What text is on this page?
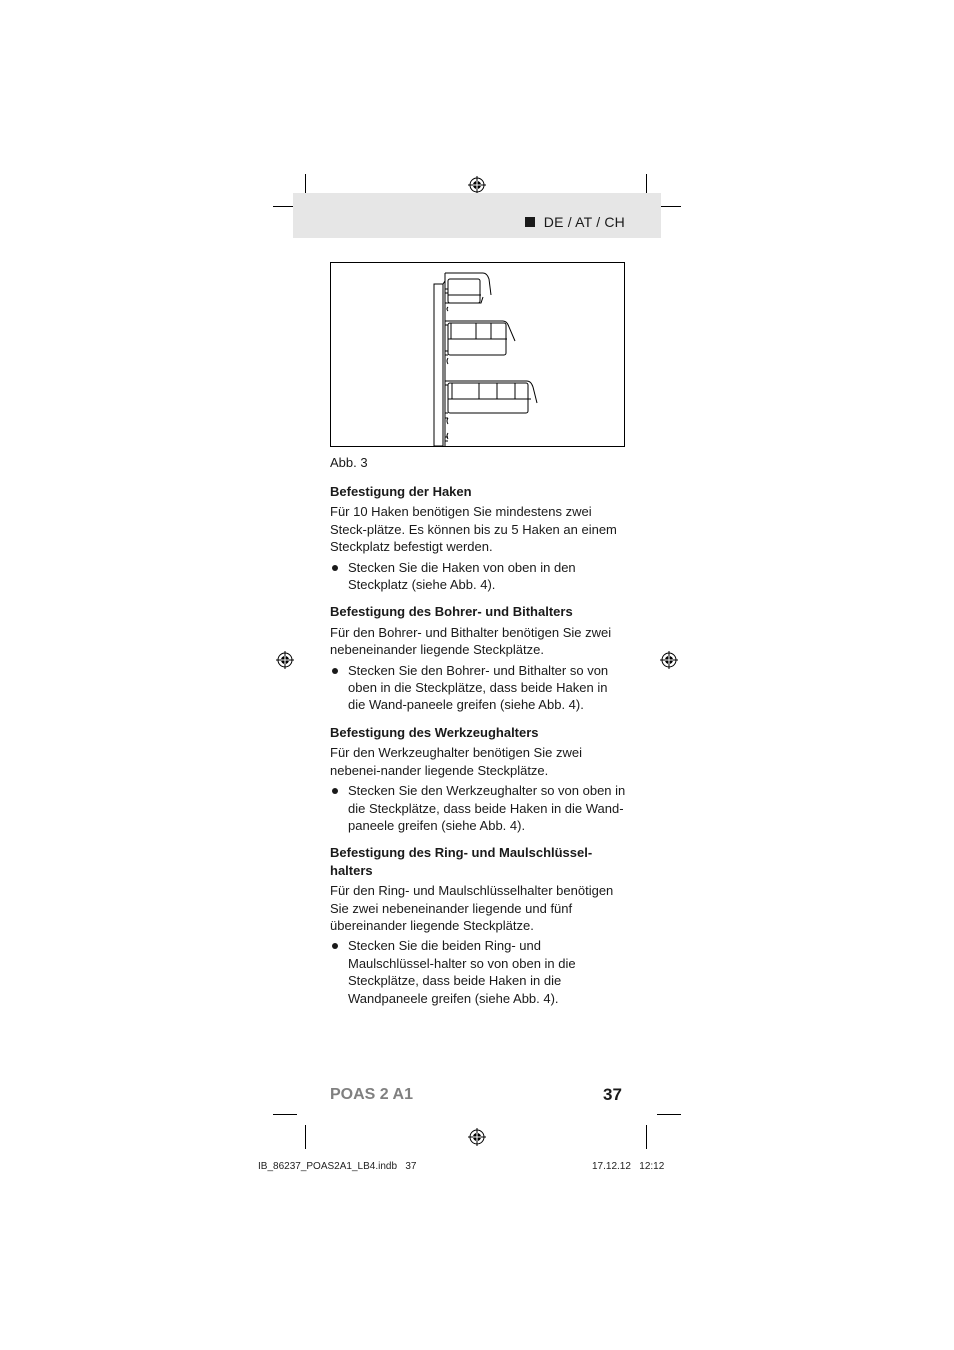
DE / AT / CH
Abb. 3
Befestigung der Haken

Für 10 Haken benötigen Sie mindestens zwei Steck-plätze. Es können bis zu 5 Haken an einem Steckplatz befestigt werden.

Stecken Sie die Haken von oben in den Steckplatz (siehe Abb. 4).
Befestigung des Bohrer- und Bithalters

Für den Bohrer- und Bithalter benötigen Sie zwei nebeneinander liegende Steckplätze.

Stecken Sie den Bohrer- und Bithalter so von oben in die Steckplätze, dass beide Haken in die Wand-paneele greifen (siehe Abb. 4).
Befestigung des Werkzeughalters

Für den Werkzeughalter benötigen Sie zwei nebenei-nander liegende Steckplätze.

Stecken Sie den Werkzeughalter so von oben in die Steckplätze, dass beide Haken in die Wand-paneele greifen (siehe Abb. 4).
Befestigung des Ring- und Maulschlüssel-halters

Für den Ring- und Maulschlüsselhalter benötigen Sie zwei nebeneinander liegende und fünf übereinander liegende Steckplätze.

Stecken Sie die beiden Ring- und Maulschlüssel-halter so von oben in die Steckplätze, dass beide Haken in die Wandpaneele greifen (siehe Abb. 4).
POAS 2 A1	37
IB_86237_POAS2A1_LB4.indb   37	17.12.12   12:12
